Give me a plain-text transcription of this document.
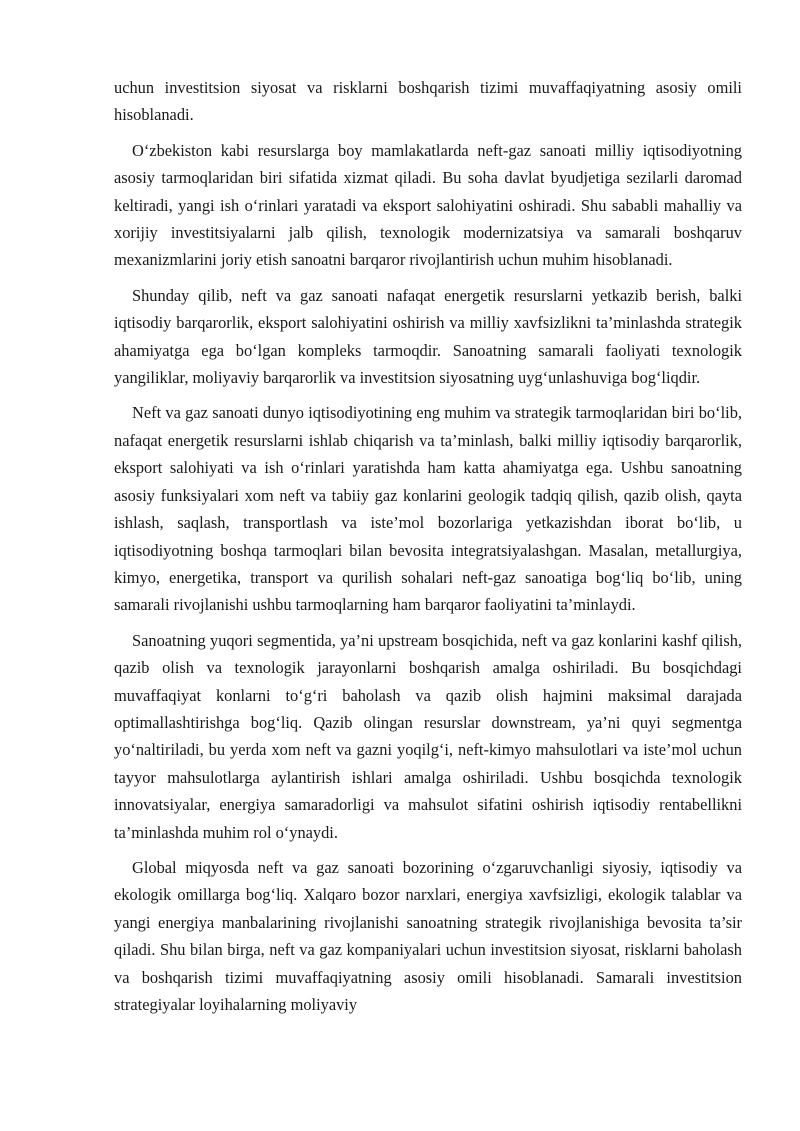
uchun investitsion siyosat va risklarni boshqarish tizimi muvaffaqiyatning asosiy omili hisoblanadi.

O‘zbekiston kabi resurslarga boy mamlakatlarda neft-gaz sanoati milliy iqtisodiyotning asosiy tarmoqlaridan biri sifatida xizmat qiladi. Bu soha davlat byudjetiga sezilarli daromad keltiradi, yangi ish o‘rinlari yaratadi va eksport salohiyatini oshiradi. Shu sababli mahalliy va xorijiy investitsiyalarni jalb qilish, texnologik modernizatsiya va samarali boshqaruv mexanizmlarini joriy etish sanoatni barqaror rivojlantirish uchun muhim hisoblanadi.

Shunday qilib, neft va gaz sanoati nafaqat energetik resurslarni yetkazib berish, balki iqtisodiy barqarorlik, eksport salohiyatini oshirish va milliy xavfsizlikni ta’minlashda strategik ahamiyatga ega bo‘lgan kompleks tarmoqdir. Sanoatning samarali faoliyati texnologik yangiliklar, moliyaviy barqarorlik va investitsion siyosatning uyg‘unlashuviga bog‘liqdir.

Neft va gaz sanoati dunyo iqtisodiyotining eng muhim va strategik tarmoqlaridan biri bo‘lib, nafaqat energetik resurslarni ishlab chiqarish va ta’minlash, balki milliy iqtisodiy barqarorlik, eksport salohiyati va ish o‘rinlari yaratishda ham katta ahamiyatga ega. Ushbu sanoatning asosiy funksiyalari xom neft va tabiiy gaz konlarini geologik tadqiq qilish, qazib olish, qayta ishlash, saqlash, transportlash va iste’mol bozorlariga yetkazishdan iborat bo‘lib, u iqtisodiyotning boshqa tarmoqlari bilan bevosita integratsiyalashgan. Masalan, metallurgiya, kimyo, energetika, transport va qurilish sohalari neft-gaz sanoatiga bog‘liq bo‘lib, uning samarali rivojlanishi ushbu tarmoqlarning ham barqaror faoliyatini ta’minlaydi.

Sanoatning yuqori segmentida, ya’ni upstream bosqichida, neft va gaz konlarini kashf qilish, qazib olish va texnologik jarayonlarni boshqarish amalga oshiriladi. Bu bosqichdagi muvaffaqiyat konlarni to‘g‘ri baholash va qazib olish hajmini maksimal darajada optimallashtirishga bog‘liq. Qazib olingan resurslar downstream, ya’ni quyi segmentga yo‘naltiriladi, bu yerda xom neft va gazni yoqilg‘i, neft-kimyo mahsulotlari va iste’mol uchun tayyor mahsulotlarga aylantirish ishlari amalga oshiriladi. Ushbu bosqichda texnologik innovatsiyalar, energiya samaradorligi va mahsulot sifatini oshirish iqtisodiy rentabellikni ta’minlashda muhim rol o‘ynaydi.

Global miqyosda neft va gaz sanoati bozorining o‘zgaruvchanligi siyosiy, iqtisodiy va ekologik omillarga bog‘liq. Xalqaro bozor narxlari, energiya xavfsizligi, ekologik talablar va yangi energiya manbalarining rivojlanishi sanoatning strategik rivojlanishiga bevosita ta’sir qiladi. Shu bilan birga, neft va gaz kompaniyalari uchun investitsion siyosat, risklarni baholash va boshqarish tizimi muvaffaqiyatning asosiy omili hisoblanadi. Samarali investitsion strategiyalar loyihalarning moliyaviy
